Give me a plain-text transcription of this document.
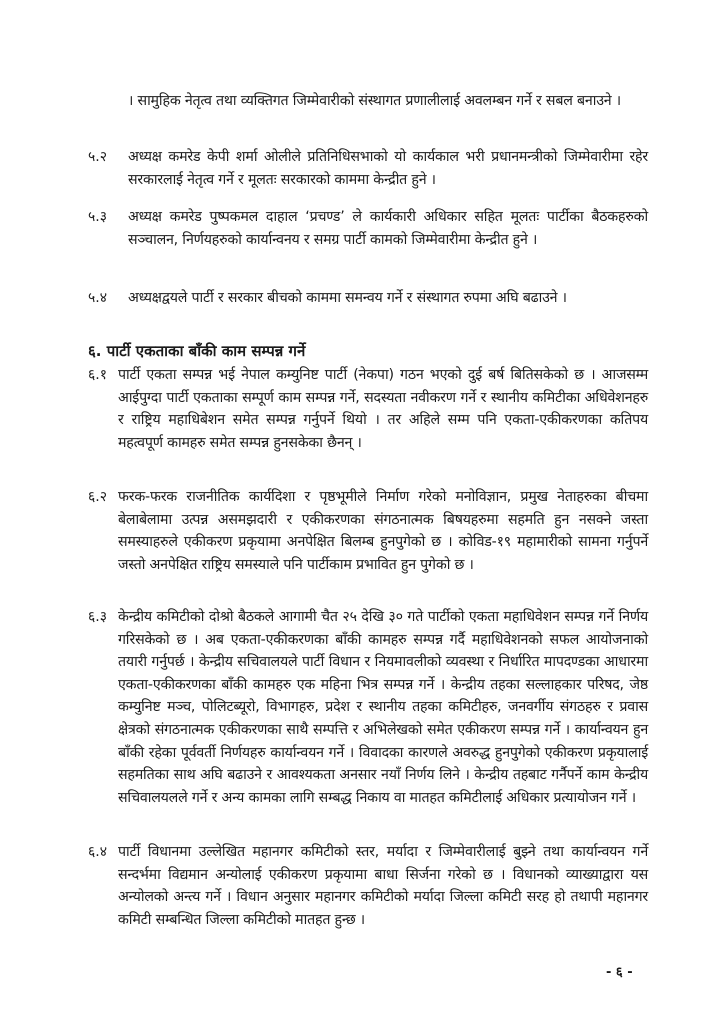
। सामुहिक नेतृत्व तथा व्यक्तिगत जिम्मेवारीको संस्थागत प्रणालीलाई अवलम्बन गर्ने र सबल बनाउने ।
५.२ अध्यक्ष कमरेड केपी शर्मा ओलीले प्रतिनिधिसभाको यो कार्यकाल भरी प्रधानमन्त्रीको जिम्मेवारीमा रहेर सरकारलाई नेतृत्व गर्ने र मूलतः सरकारको काममा केन्द्रीत हुने ।
५.३ अध्यक्ष कमरेड पुष्पकमल दाहाल ‘प्रचण्ड’ ले कार्यकारी अधिकार सहित मूलतः पार्टीका बैठकहरुको सञ्चालन, निर्णयहरुको कार्यान्वनय र समग्र पार्टी कामको जिम्मेवारीमा केन्द्रीत हुने ।
५.४ अध्यक्षद्वयले पार्टी र सरकार बीचको काममा समन्वय गर्ने र संस्थागत रुपमा अघि बढाउने ।
६. पार्टी एकताका बाँकी काम सम्पन्न गर्ने
६.१ पार्टी एकता सम्पन्न भई नेपाल कम्युनिष्ट पार्टी (नेकपा) गठन भएको दुई बर्ष बितिसकेको छ । आजसम्म आईपुग्दा पार्टी एकताका सम्पूर्ण काम सम्पन्न गर्ने, सदस्यता नवीकरण गर्ने र स्थानीय कमिटीका अधिवेशनहरु र राष्ट्रिय महाधिबेशन समेत सम्पन्न गर्नुपर्ने थियो । तर अहिले सम्म पनि एकता-एकीकरणका कतिपय महत्वपूर्ण कामहरु समेत सम्पन्न हुनसकेका छैनन् ।
६.२ फरक-फरक राजनीतिक कार्यदिशा र पृष्ठभूमीले निर्माण गरेको मनोविज्ञान, प्रमुख नेताहरुका बीचमा बेलाबेलामा उत्पन्न असमझदारी र एकीकरणका संगठनात्मक बिषयहरुमा सहमति हुन नसक्ने जस्ता समस्याहरुले एकीकरण प्रकृयामा अनपेक्षित बिलम्ब हुनपुगेको छ । कोविड-१९ महामारीको सामना गर्नुपर्ने जस्तो अनपेक्षित राष्ट्रिय समस्याले पनि पार्टीकाम प्रभावित हुन पुगेको छ ।
६.३ केन्द्रीय कमिटीको दोश्रो बैठकले आगामी चैत २५ देखि ३० गते पार्टीको एकता महाधिवेशन सम्पन्न गर्ने निर्णय गरिसकेको छ । अब एकता-एकीकरणका बाँकी कामहरु सम्पन्न गर्दै महाधिवेशनको सफल आयोजनाको तयारी गर्नुपर्छ । केन्द्रीय सचिवालयले पार्टी विधान र नियमावलीको व्यवस्था र निर्धारित मापदण्डका आधारमा एकता-एकीकरणका बाँकी कामहरु एक महिना भित्र सम्पन्न गर्ने । केन्द्रीय तहका सल्लाहकार परिषद, जेष्ठ कम्युनिष्ट मञ्च, पोलिटब्यूरो, विभागहरु, प्रदेश र स्थानीय तहका कमिटीहरु, जनवर्गीय संगठहरु र प्रवास क्षेत्रको संगठनात्मक एकीकरणका साथै सम्पत्ति र अभिलेखको समेत एकीकरण सम्पन्न गर्ने । कार्यान्वयन हुन बाँकी रहेका पूर्ववर्ती निर्णयहरु कार्यान्वयन गर्ने । विवादका कारणले अवरुद्ध हुनपुगेको एकीकरण प्रकृयालाई सहमतिका साथ अघि बढाउने र आवश्यकता अनसार नयाँ निर्णय लिने । केन्द्रीय तहबाट गर्नैपर्ने काम केन्द्रीय सचिवालयलले गर्ने र अन्य कामका लागि सम्बद्ध निकाय वा मातहत कमिटीलाई अधिकार प्रत्यायोजन गर्ने ।
६.४ पार्टी विधानमा उल्लेखित महानगर कमिटीको स्तर, मर्यादा र जिम्मेवारीलाई बुझ्ने तथा कार्यान्वयन गर्ने सन्दर्भमा विद्यमान अन्योलाई एकीकरण प्रकृयामा बाधा सिर्जना गरेको छ । विधानको व्याख्याद्वारा यस अन्योलको अन्त्य गर्ने । विधान अनुसार महानगर कमिटीको मर्यादा जिल्ला कमिटी सरह हो तथापी महानगर कमिटी सम्बन्धित जिल्ला कमिटीको मातहत हुन्छ ।
- ६ -
